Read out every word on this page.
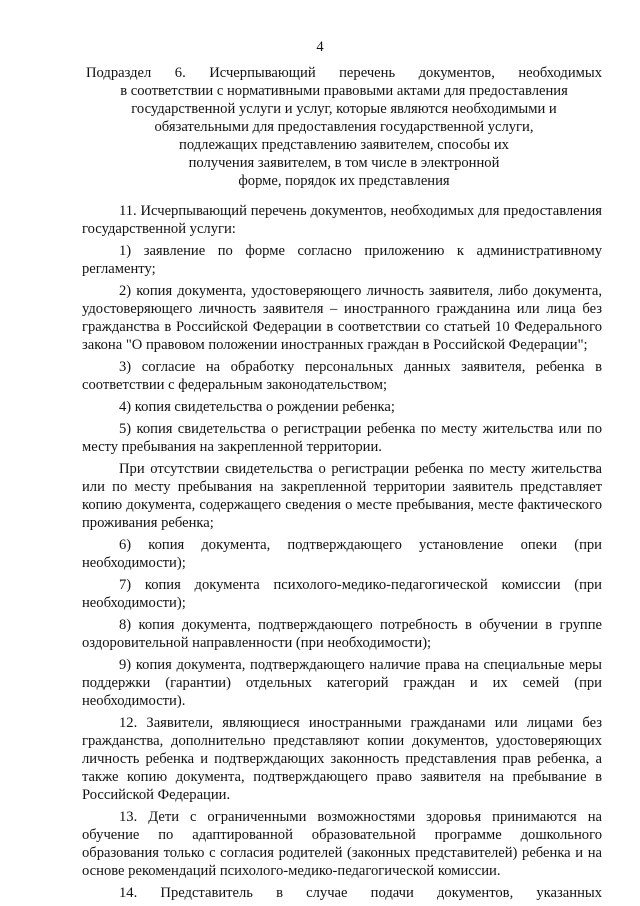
4
Подраздел 6. Исчерпывающий перечень документов, необходимых
в соответствии с нормативными правовыми актами для предоставления
государственной услуги и услуг, которые являются необходимыми и
обязательными для предоставления государственной услуги,
подлежащих представлению заявителем, способы их
получения заявителем, в том числе в электронной
форме, порядок их представления

11. Исчерпывающий перечень документов, необходимых для предоставления государственной услуги:

1) заявление по форме согласно приложению к административному регламенту;

2) копия документа, удостоверяющего личность заявителя, либо документа, удостоверяющего личность заявителя – иностранного гражданина или лица без гражданства в Российской Федерации в соответствии со статьей 10 Федерального закона "О правовом положении иностранных граждан в Российской Федерации";

3) согласие на обработку персональных данных заявителя, ребенка в соответствии с федеральным законодательством;

4) копия свидетельства о рождении ребенка;

5) копия свидетельства о регистрации ребенка по месту жительства или по месту пребывания на закрепленной территории.

При отсутствии свидетельства о регистрации ребенка по месту жительства или по месту пребывания на закрепленной территории заявитель представляет копию документа, содержащего сведения о месте пребывания, месте фактического проживания ребенка;

6) копия документа, подтверждающего установление опеки (при необходимости);

7) копия документа психолого-медико-педагогической комиссии (при необходимости);

8) копия документа, подтверждающего потребность в обучении в группе оздоровительной направленности (при необходимости);

9) копия документа, подтверждающего наличие права на специальные меры поддержки (гарантии) отдельных категорий граждан и их семей (при необходимости).

12. Заявители, являющиеся иностранными гражданами или лицами без гражданства, дополнительно представляют копии документов, удостоверяющих личность ребенка и подтверждающих законность представления прав ребенка, а также копию документа, подтверждающего право заявителя на пребывание в Российской Федерации.

13. Дети с ограниченными возможностями здоровья принимаются на обучение по адаптированной образовательной программе дошкольного образования только с согласия родителей (законных представителей) ребенка и на основе рекомендаций психолого-медико-педагогической комиссии.

14. Представитель в случае подачи документов, указанных
